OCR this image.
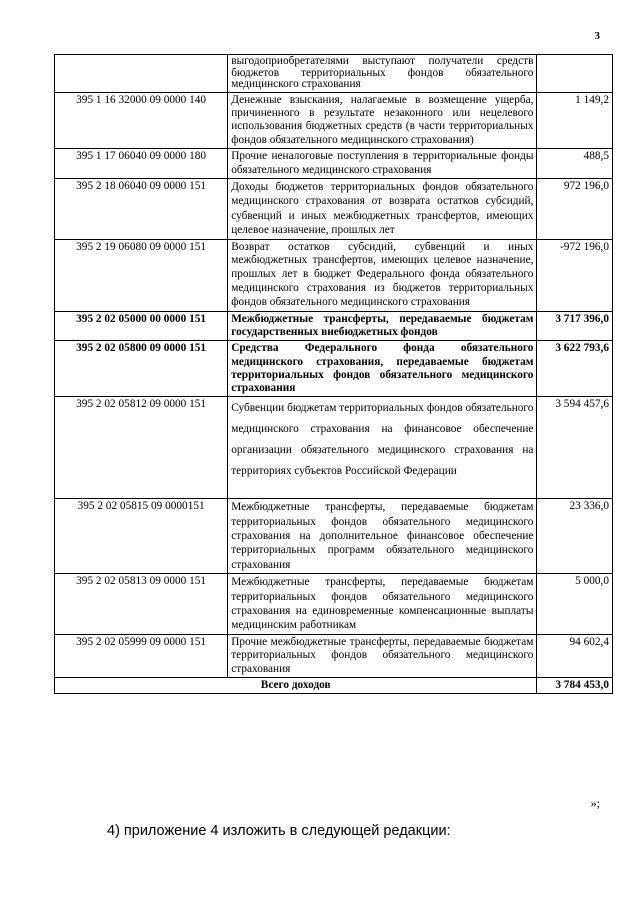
3
	выгодоприобретателями выступают получатели средств бюджетов территориальных фондов обязательного медицинского страхования	
395 1 16 32000 09 0000 140	Денежные взыскания, налагаемые в возмещение ущерба, причиненного в результате незаконного или нецелевого использования бюджетных средств (в части территориальных фондов обязательного медицинского страхования)	1 149,2
395 1 17 06040 09 0000 180	Прочие неналоговые поступления в территориальные фонды обязательного медицинского страхования	488,5
395 2 18 06040 09 0000 151	Доходы бюджетов территориальных фондов обязательного медицинского страхования от возврата остатков субсидий, субвенций и иных межбюджетных трансфертов, имеющих целевое назначение, прошлых лет	972 196,0
395 2 19 06080 09 0000 151	Возврат остатков субсидий, субвенций и иных межбюджетных трансфертов, имеющих целевое назначение, прошлых лет в бюджет Федерального фонда обязательного медицинского страхования из бюджетов территориальных фондов обязательного медицинского страхования	-972 196,0
395 2 02 05000 00 0000 151	Межбюджетные трансферты, передаваемые бюджетам государственных внебюджетных фондов	3 717 396,0
395 2 02 05800 09 0000 151	Средства Федерального фонда обязательного медицинского страхования, передаваемые бюджетам территориальных фондов обязательного медицинского страхования	3 622 793,6
395 2 02 05812 09 0000 151	Субвенции бюджетам территориальных фондов обязательного медицинского страхования на финансовое обеспечение организации обязательного медицинского страхования на территориях субъектов Российской Федерации	3 594 457,6
395 2 02 05815 09 0000151	Межбюджетные трансферты, передаваемые бюджетам территориальных фондов обязательного медицинского страхования на дополнительное финансовое обеспечение территориальных программ обязательного медицинского страхования	23 336,0
395 2 02 05813 09 0000 151	Межбюджетные трансферты, передаваемые бюджетам территориальных фондов обязательного медицинского страхования на единовременные компенсационные выплаты медицинским работникам	5 000,0
395 2 02 05999 09 0000 151	Прочие межбюджетные трансферты, передаваемые бюджетам территориальных фондов обязательного медицинского страхования	94 602,4
Всего доходов		3 784 453,0
»;
4) приложение 4 изложить в следующей редакции:
